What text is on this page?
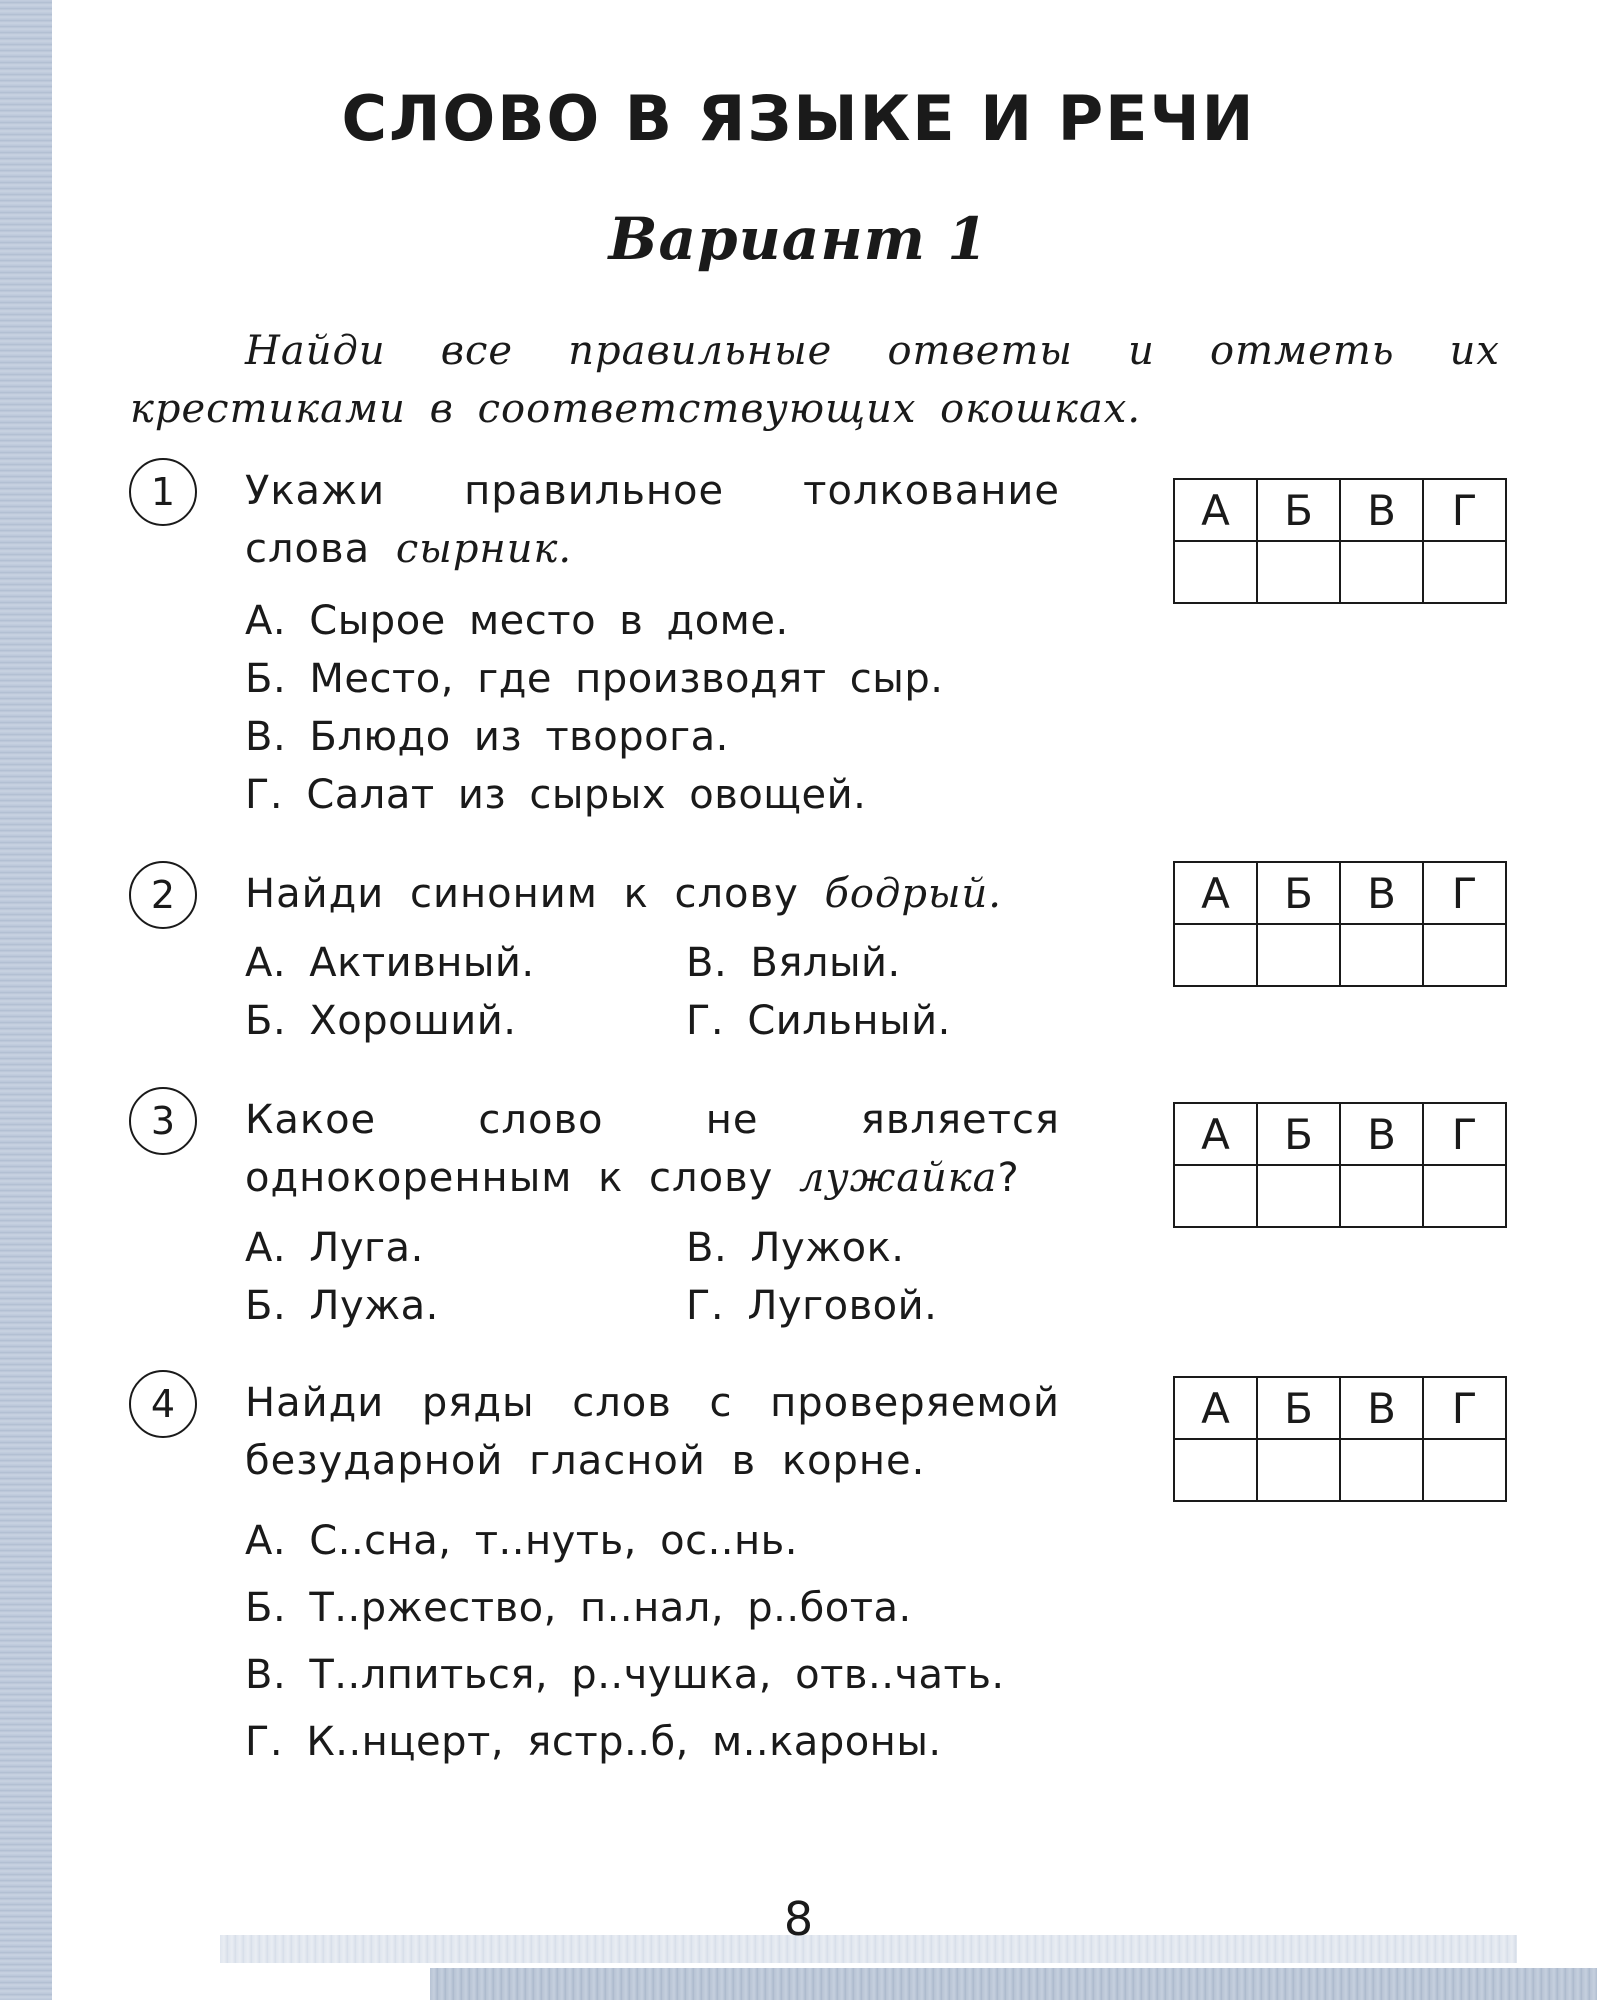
СЛОВО В ЯЗЫКЕ И РЕЧИ
Вариант 1
Найди все правильные ответы и отметь их крестиками в соответствующих окошках.
1	Укажи правильное толкование слова сырник.
А. Сырое место в доме.
Б. Место, где производят сыр.
В. Блюдо из творога.
Г. Салат из сырых овощей.
А	Б	В	Г

2	Найди синоним к слову бодрый.
А. Активный.
Б. Хороший.
В. Вялый.
Г. Сильный.
А	Б	В	Г

3	Какое слово не является однокоренным к слову лужайка?
А. Луга.
Б. Лужа.
В. Лужок.
Г. Луговой.
А	Б	В	Г

4	Найди ряды слов с проверяемой безударной гласной в корне.
А. С..сна, т..нуть, ос..нь.
Б. Т..ржество, п..нал, р..бота.
В. Т..лпиться, р..чушка, отв..чать.
Г. К..нцерт, ястр..б, м..кароны.
А	Б	В	Г

8
